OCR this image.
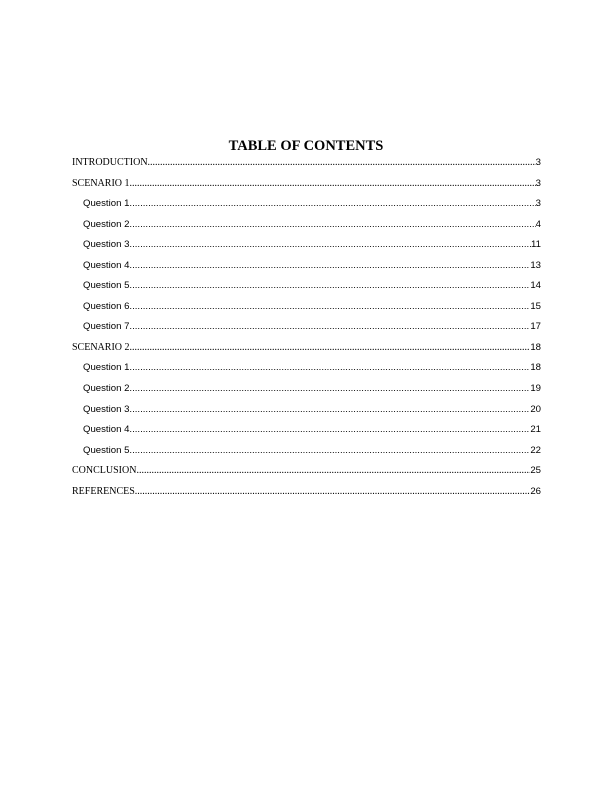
TABLE OF CONTENTS
INTRODUCTION .....	3
SCENARIO 1 .....	3
Question 1 .....	3
Question 2 .....	4
Question 3 .....	11
Question 4 .....	13
Question 5 .....	14
Question 6 .....	15
Question 7 .....	17
SCENARIO 2 .....	18
Question 1 .....	18
Question 2 .....	19
Question 3 .....	20
Question 4 .....	21
Question 5 .....	22
CONCLUSION .....	25
REFERENCES .....	26
